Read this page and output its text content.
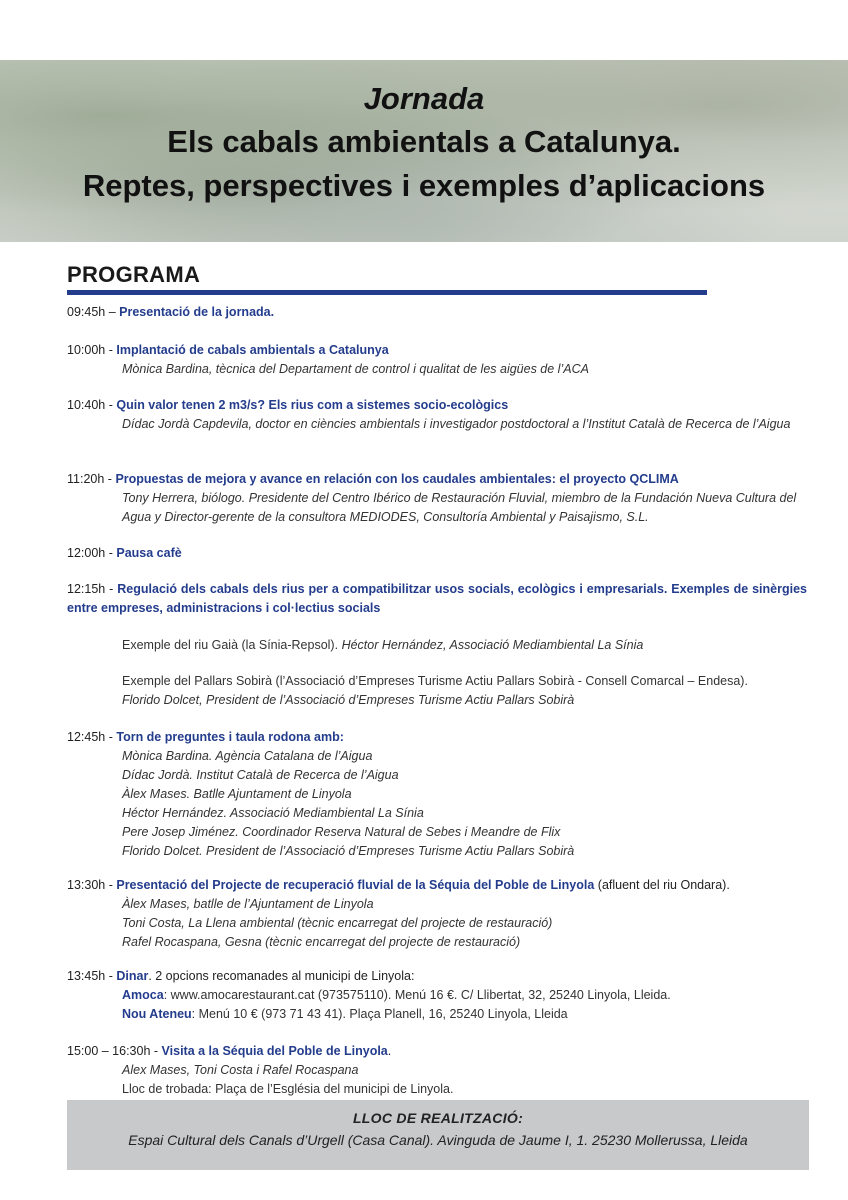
Jornada
Els cabals ambientals a Catalunya.
Reptes, perspectives i exemples d’aplicacions
PROGRAMA
09:45h – Presentació de la jornada.
10:00h - Implantació de cabals ambientals a Catalunya
Mònica Bardina, tècnica del Departament de control i qualitat de les aigües de l’ACA
10:40h - Quin valor tenen 2 m3/s? Els rius com a sistemes socio-ecològics
Dídac Jordà Capdevila, doctor en ciències ambientals i investigador postdoctoral a l’Institut Català de Recerca de l’Aigua
11:20h - Propuestas de mejora y avance en relación con los caudales ambientales: el proyecto QCLIMA
Tony Herrera, biólogo. Presidente del Centro Ibérico de Restauración Fluvial, miembro de la Fundación Nueva Cultura del Agua y Director-gerente de la consultora MEDIODES, Consultoría Ambiental y Paisajismo, S.L.
12:00h - Pausa cafè
12:15h - Regulació dels cabals dels rius per a compatibilitzar usos socials, ecològics i empresarials. Exemples de sinèrgies entre empreses, administracions i col·lectius socials
Exemple del riu Gaià (la Sínia-Repsol). Héctor Hernández, Associació Mediambiental La Sínia
Exemple del Pallars Sobirà (l’Associació d’Empreses Turisme Actiu Pallars Sobirà - Consell Comarcal – Endesa).
Florido Dolcet, President de l’Associació d’Empreses Turisme Actiu Pallars Sobirà
12:45h - Torn de preguntes i taula rodona amb:
Mònica Bardina. Agència Catalana de l’Aigua
Dídac Jordà. Institut Català de Recerca de l’Aigua
Àlex Mases. Batlle Ajuntament de Linyola
Héctor Hernández. Associació Mediambiental La Sínia
Pere Josep Jiménez. Coordinador Reserva Natural de Sebes i Meandre de Flix
Florido Dolcet. President de l’Associació d’Empreses Turisme Actiu Pallars Sobirà
13:30h - Presentació del Projecte de recuperació fluvial de la Séquia del Poble de Linyola (afluent del riu Ondara).
Àlex Mases, batlle de l’Ajuntament de Linyola
Toni Costa, La Llena ambiental (tècnic encarregat del projecte de restauració)
Rafel Rocaspana, Gesna (tècnic encarregat del projecte de restauració)
13:45h - Dinar. 2 opcions recomanades al municipi de Linyola:
Amoca: www.amocarestaurant.cat (973575110). Menú 16 €. C/ Llibertat, 32, 25240 Linyola, Lleida.
Nou Ateneu: Menú 10 € (973 71 43 41). Plaça Planell, 16, 25240 Linyola, Lleida
15:00 – 16:30h - Visita a la Séquia del Poble de Linyola.
Alex Mases, Toni Costa i Rafel Rocaspana
Lloc de trobada: Plaça de l’Església del municipi de Linyola.
LLOC DE REALITZACIÓ:
Espai Cultural dels Canals d’Urgell (Casa Canal). Avinguda de Jaume I, 1. 25230 Mollerussa, Lleida
